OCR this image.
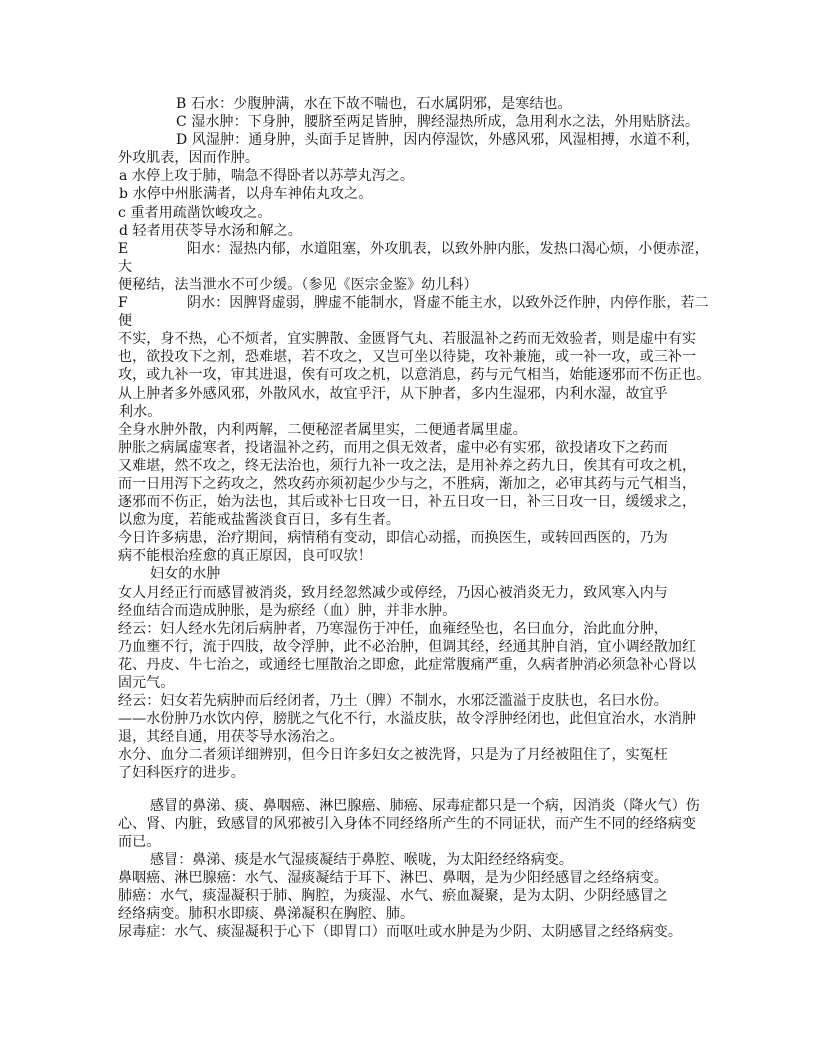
B 石水：少腹肿满，水在下故不喘也，石水属阴邪，是寒结也。
C 湿水肿：下身肿，腰脐至两足皆肿，脾经湿热所成，急用利水之法，外用贴脐法。
D 风湿肿：通身肿，头面手足皆肿，因内停湿饮，外感风邪，风湿相搏，水道不利，
外攻肌表，因而作肿。
a 水停上攻于肺，喘急不得卧者以苏葶丸泻之。
b 水停中州胀满者，以舟车神佑丸攻之。
c 重者用疏凿饮峻攻之。
d 轻者用茯苓导水汤和解之。
E	阳水：湿热内郁，水道阻塞，外攻肌表，以致外肿内胀，发热口渴心烦，小便赤涩，
大
便秘结，法当泄水不可少缓。（参见《医宗金鉴》幼儿科）
F	阴水：因脾肾虚弱，脾虚不能制水，肾虚不能主水，以致外泛作肿，内停作胀，若二
便
不实，身不热，心不烦者，宜实脾散、金匮肾气丸、若服温补之药而无效验者，则是虚中有实
也，欲投攻下之剂，恐难堪，若不攻之，又岂可坐以待毙，攻补兼施，或一补一攻，或三补一
攻，或九补一攻，审其进退，俟有可攻之机，以意消息，药与元气相当，始能逐邪而不伤正也。
从上肿者多外感风邪，外散风水，故宜乎汗，从下肿者，多内生湿邪，内利水湿，故宜乎
利水。
全身水肿外散，内利两解，二便秘涩者属里实，二便通者属里虚。
肿胀之病属虚寒者，投诸温补之药，而用之俱无效者，虚中必有实邪，欲投诸攻下之药而
又难堪，然不攻之，终无法治也，须行九补一攻之法，是用补养之药九日，俟其有可攻之机，
而一日用泻下之药攻之，然攻药亦须初起少少与之，不胜病，渐加之，必审其药与元气相当，
逐邪而不伤正，始为法也，其后或补七日攻一日，补五日攻一日，补三日攻一日，缓缓求之，
以愈为度，若能戒盐酱淡食百日，多有生者。
今日许多病患，治疗期间，病情稍有变动，即信心动摇，而换医生，或转回西医的，乃为
病不能根治痊愈的真正原因，良可叹欤！
妇女的水肿
女人月经正行而感冒被消炎，致月经忽然减少或停经，乃因心被消炎无力，致风寒入内与
经血结合而造成肿胀，是为瘀经（血）肿，并非水肿。
经云：妇人经水先闭后病肿者，乃寒湿伤于冲任，血雍经坠也，名曰血分，治此血分肿，
乃血壅不行，流于四肢，故令浮肿，此不必治肿，但调其经，经通其肿自消，宜小调经散加红
花、丹皮、牛七治之，或通经七厘散治之即愈，此症常腹痛严重，久病者肿消必须急补心肾以
固元气。
经云：妇女若先病肿而后经闭者，乃土（脾）不制水，水邪泛滥溢于皮肤也，名曰水份。
——水份肿乃水饮内停，膀胱之气化不行，水溢皮肤，故令浮肿经闭也，此但宜治水，水消肿
退，其经自通，用茯苓导水汤治之。
水分、血分二者须详细辨别，但今日许多妇女之被洗肾，只是为了月经被阻住了，实冤枉
了妇科医疗的进步。
感冒的鼻涕、痰、鼻咽癌、淋巴腺癌、肺癌、尿毒症都只是一个病，因消炎（降火气）伤
心、肾、内脏，致感冒的风邪被引入身体不同经络所产生的不同证状，而产生不同的经络病变
而已。
感冒：鼻涕、痰是水气湿痰凝结于鼻腔、喉咙，为太阳经经络病变。
鼻咽癌、淋巴腺癌：水气、湿痰凝结于耳下、淋巴、鼻咽，是为少阳经感冒之经络病变。
肺癌：水气，痰湿凝积于肺、胸腔，为痰湿、水气、瘀血凝聚，是为太阴、少阴经感冒之
经络病变。肺积水即痰、鼻涕凝积在胸腔、肺。
尿毒症：水气、痰湿凝积于心下（即胃口）而呕吐或水肿是为少阴、太阴感冒之经络病变。
